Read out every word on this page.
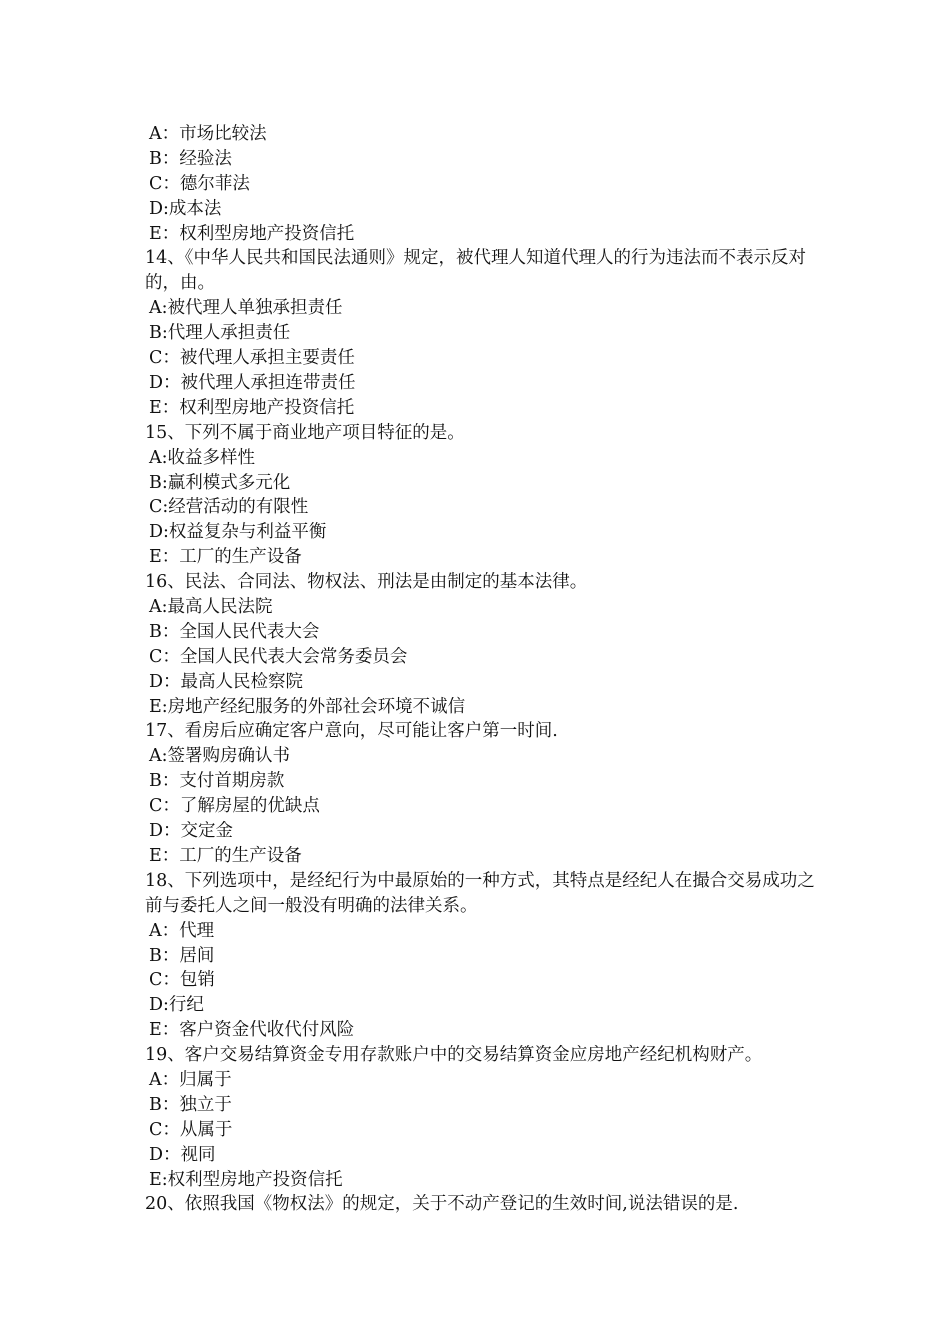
A：市场比较法
B：经验法
C：德尔菲法
D:成本法
E：权利型房地产投资信托
14、《中华人民共和国民法通则》规定，被代理人知道代理人的行为违法而不表示反对的，由。
A:被代理人单独承担责任
B:代理人承担责任
C：被代理人承担主要责任
D：被代理人承担连带责任
E：权利型房地产投资信托
15、下列不属于商业地产项目特征的是。
A:收益多样性
B:赢利模式多元化
C:经营活动的有限性
D:权益复杂与利益平衡
E：工厂的生产设备
16、民法、合同法、物权法、刑法是由制定的基本法律。
A:最高人民法院
B：全国人民代表大会
C：全国人民代表大会常务委员会
D：最高人民检察院
E:房地产经纪服务的外部社会环境不诚信
17、看房后应确定客户意向，尽可能让客户第一时间.
A:签署购房确认书
B：支付首期房款
C：了解房屋的优缺点
D：交定金
E：工厂的生产设备
18、下列选项中，是经纪行为中最原始的一种方式，其特点是经纪人在撮合交易成功之前与委托人之间一般没有明确的法律关系。
A：代理
B：居间
C：包销
D:行纪
E：客户资金代收代付风险
19、客户交易结算资金专用存款账户中的交易结算资金应房地产经纪机构财产。
A：归属于
B：独立于
C：从属于
D：视同
E:权利型房地产投资信托
20、依照我国《物权法》的规定，关于不动产登记的生效时间,说法错误的是.
